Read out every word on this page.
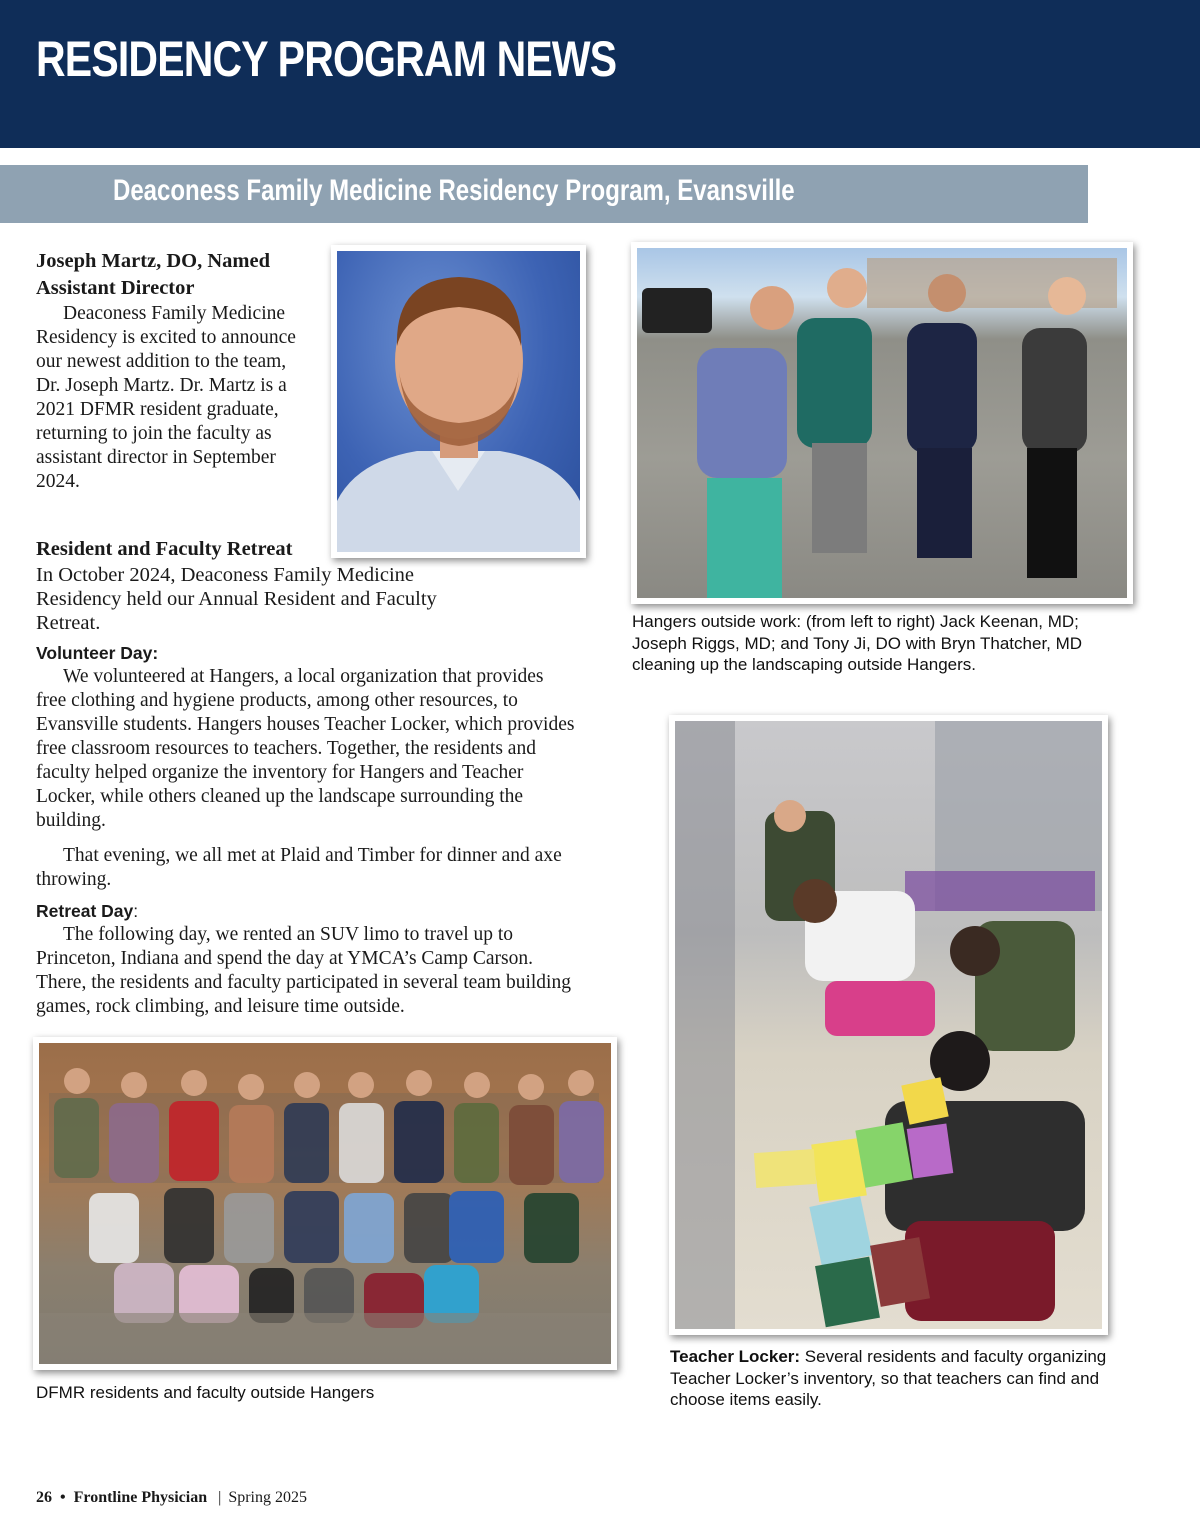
RESIDENCY PROGRAM NEWS
Deaconess Family Medicine Residency Program, Evansville
Joseph Martz, DO, Named
Assistant Director
Deaconess Family Medicine Residency is excited to announce our newest addition to the team, Dr. Joseph Martz. Dr. Martz is a 2021 DFMR resident graduate, returning to join the faculty as assistant director in September 2024.
Resident and Faculty Retreat
In October 2024, Deaconess Family Medicine Residency held our Annual Resident and Faculty Retreat.
Volunteer Day:
We volunteered at Hangers, a local organization that provides free clothing and hygiene products, among other resources, to Evansville students. Hangers houses Teacher Locker, which provides free classroom resources to teachers. Together, the residents and faculty helped organize the inventory for Hangers and Teacher Locker, while others cleaned up the landscape surrounding the building.
That evening, we all met at Plaid and Timber for dinner and axe throwing.
Retreat Day:
The following day, we rented an SUV limo to travel up to Princeton, Indiana and spend the day at YMCA’s Camp Carson. There, the residents and faculty participated in several team building games, rock climbing, and leisure time outside.

Hangers outside work: (from left to right) Jack Keenan, MD; Joseph Riggs, MD; and Tony Ji, DO with Bryn Thatcher, MD cleaning up the landscaping outside Hangers.

DFMR residents and faculty outside Hangers

Teacher Locker: Several residents and faculty organizing Teacher Locker’s inventory, so that teachers can find and choose items easily.

26 • Frontline Physician | Spring 2025
